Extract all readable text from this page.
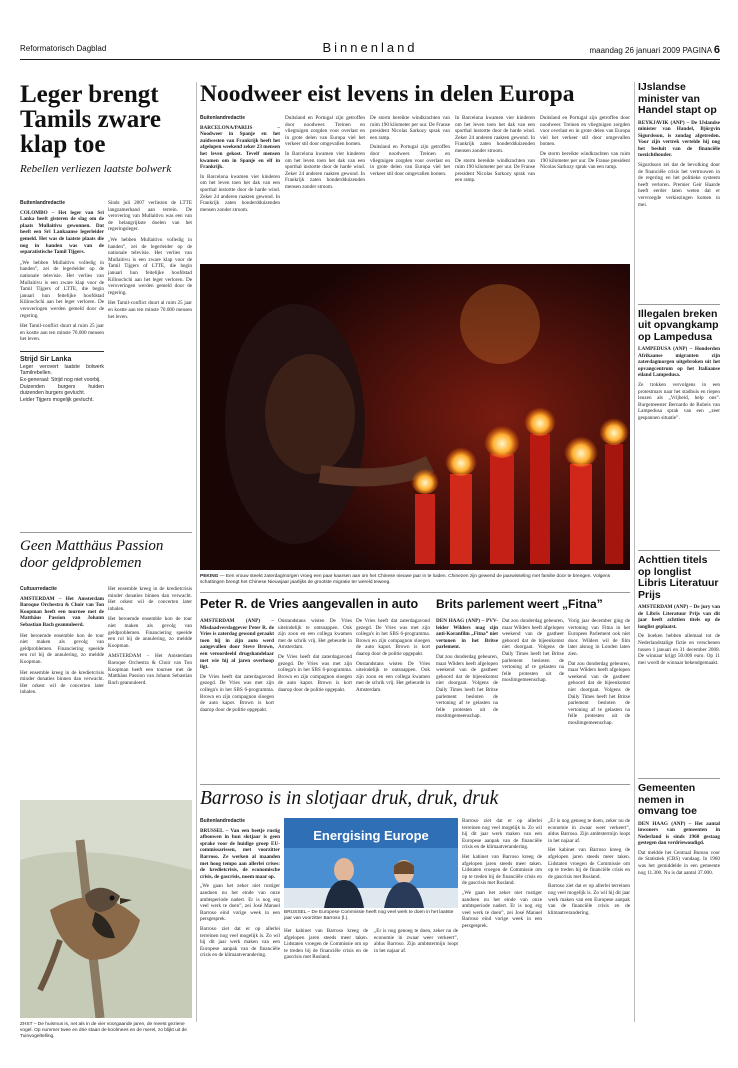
Reformatorisch Dagblad	Binnenland	maandag 26 januari 2009 PAGINA 6
Leger brengt Tamils zware klap toe
Rebellen verliezen laatste bolwerk
Buitenlandredactie
COLOMBO – Het leger van Sri Lanka heeft gisteren de slag om de plaats Mullaitivu gewonnen. Dat heeft een Sri Lankaanse legerleider gemeld. Het was de laatste plaats die nog in handen was van de separatistische Tamil Tijgers.

„We hebben Mullaitivu volledig in handen”, zei de legerleider op de nationale televisie. Het verlies van Mullaitivu is een zware klap voor de Tamil Tijgers of LTTE, die begin januari hun feitelijke hoofdstad Kilinochchi aan het leger verloren. De veroveringen werden gemeld door de regering.

Het Tamil-conflict duurt al ruim 25 jaar en kostte aan ten minste 70.000 mensen het leven.

Strijd Sir Lanka
Leger verovert laatste bolwerk Tamilrebellen.
Ex-generaal: Strijd nog niet voorbij.
Duizenden burgers huiden duizenden burgers gevlucht.
Leider Tijgers mogelijk gevlucht.

Sinds juli 2007 verliezen de LTTE langzamerhand aan terrein. De verovering van Mullaitivu was een van de belangrijkste doelen van het regeringsleger.

„We hebben Mullaitivu volledig in handen”, zei de legerleider op de nationale televisie. Het verlies van Mullaitivu is een zware klap voor de Tamil Tijgers of LTTE, die begin januari hun feitelijke hoofdstad Kilinochchi aan het leger verloren. De veroveringen werden gemeld door de regering.

Het Tamil-conflict duurt al ruim 25 jaar en kostte aan ten minste 70.000 mensen het leven.

Geen Matthäus Passion door geldproblemen
Cultuurredactie
AMSTERDAM – Het Amsterdam Baroque Orchestra & Choir van Ton Koopman heeft een tournee met de Matthäus Passion van Johann Sebastian Bach geannuleerd.

Het beroemde ensemble kon de tour niet maken als gevolg van geldproblemen. Financiering speelde een rol bij de annulering, zo meldde Koopman.

Het ensemble kreeg in de kredietcrisis minder donaties binnen dan verwacht. Het orkest wil de concerten later inhalen.

Het ensemble kreeg in de kredietcrisis minder donaties binnen dan verwacht. Het orkest wil de concerten later inhalen.

Het beroemde ensemble kon de tour niet maken als gevolg van geldproblemen. Financiering speelde een rol bij de annulering, zo meldde Koopman.

AMSTERDAM – Het Amsterdam Baroque Orchestra & Choir van Ton Koopman heeft een tournee met de Matthäus Passion van Johann Sebastian Bach geannuleerd.

ZHST – De huismus is, net als in de vier voorgaande jaren, de meest geziene vogel. Op nummer twee en drie staan de koolmees en de merel, zo blijkt uit de Tuinvogeltelling.
Noodweer eist levens in delen Europa
Buitenlandredactie
BARCELONA/PARIJS – Noodweer in Spanje en het zuidwesten van Frankrijk heeft het afgelopen weekend zeker 23 mensen het leven gekost. Tevelf mensen kwamen om in Spanje en elf in Frankrijk.

In Barcelona kwamen vier kinderen om het leven toen het dak van een sporthal instortte door de harde wind. Zeker 24 anderen raakten gewond. In Frankrijk zaten honderdduizenden mensen zonder stroom.

Duitsland en Portugal zijn getroffen door noodweer. Treinen en vliegtuigen zorgden voor overlast en in grote delen van Europa viel het verkeer stil door omgevallen bomen.

In Barcelona kwamen vier kinderen om het leven toen het dak van een sporthal instortte door de harde wind. Zeker 24 anderen raakten gewond. In Frankrijk zaten honderdduizenden mensen zonder stroom.

De storm bereikte windkrachten van ruim 190 kilometer per uur. De Franse president Nicolas Sarkozy sprak van een ramp.

Duitsland en Portugal zijn getroffen door noodweer. Treinen en vliegtuigen zorgden voor overlast en in grote delen van Europa viel het verkeer stil door omgevallen bomen.

In Barcelona kwamen vier kinderen om het leven toen het dak van een sporthal instortte door de harde wind. Zeker 24 anderen raakten gewond. In Frankrijk zaten honderdduizenden mensen zonder stroom.

De storm bereikte windkrachten van ruim 190 kilometer per uur. De Franse president Nicolas Sarkozy sprak van een ramp.

Duitsland en Portugal zijn getroffen door noodweer. Treinen en vliegtuigen zorgden voor overlast en in grote delen van Europa viel het verkeer stil door omgevallen bomen.

De storm bereikte windkrachten van ruim 190 kilometer per uur. De Franse president Nicolas Sarkozy sprak van een ramp.

PEKING — Een vrouw steekt zaterdagmorgen vroeg een paar kaarsen aan om het Chinese nieuwe jaar in te luiden. Chinezen zijn gewend de jaarwisseling met familie door te brengen. Volgens schattingen brengt het Chinese Nieuwjaar jaarlijks de grootste migratie ter wereld teweeg.
Peter R. de Vries aangevallen in auto
AMSTERDAM (ANP) – Misdaadverslaggever Peter R. de Vries is zaterdag gewond geraakt toen hij in zijn auto werd aangevallen door Steve Brown, een veroordeeld drugshandelaar met wie hij al jaren overhoop ligt.

De Vries heeft dat zaterdagavond gezegd. De Vries was met zijn collega's in het SBS 6-programma. Brown en zijn compagnon sloegen de auto kapot. Brown is kort daarop door de politie opgepakt.

Onstandstans wisten De Vries uiteindelijk te ontsnappen. Ook zijn zoon en een collega kwamen met de schrik vrij. Het gebeurde in Amsterdam.

De Vries heeft dat zaterdagavond gezegd. De Vries was met zijn collega's in het SBS 6-programma. Brown en zijn compagnon sloegen de auto kapot. Brown is kort daarop door de politie opgepakt.

De Vries heeft dat zaterdagavond gezegd. De Vries was met zijn collega's in het SBS 6-programma. Brown en zijn compagnon sloegen de auto kapot. Brown is kort daarop door de politie opgepakt.

Onstandstans wisten De Vries uiteindelijk te ontsnappen. Ook zijn zoon en een collega kwamen met de schrik vrij. Het gebeurde in Amsterdam.

Brits parlement weert „Fitna”
DEN HAAG (ANP) – PVV-leider Wilders mag zijn anti-Koranfilm „Fitna” niet vertonen in het Britse parlement.

Dat zou donderdag gebeuren, maar Wilders heeft afgelopen weekend van de gastheer gehoord dat de bijeenkomst niet doorgaat. Volgens de Daily Times heeft het Britse parlement besloten de vertoning af te gelasten na felle protesten uit de moslimgemeenschap.

Dat zou donderdag gebeuren, maar Wilders heeft afgelopen weekend van de gastheer gehoord dat de bijeenkomst niet doorgaat. Volgens de Daily Times heeft het Britse parlement besloten de vertoning af te gelasten na felle protesten uit de moslimgemeenschap.

Vorig jaar december ging de vertoning van Fitna in het Europees Parlement ook niet door. Wilders wil de film later alsnog in Londen laten zien.

Dat zou donderdag gebeuren, maar Wilders heeft afgelopen weekend van de gastheer gehoord dat de bijeenkomst niet doorgaat. Volgens de Daily Times heeft het Britse parlement besloten de vertoning af te gelasten na felle protesten uit de moslimgemeenschap.

Barroso is in slotjaar druk, druk, druk
Buitenlandredactie
BRUSSEL – Van een beetje rustig afbouwen in hun slotjaar is geen sprake voor de huidige groep EU-commissarissen, met voorzitter Barroso. Ze werken al maanden met hoog tempo aan allerlei crises: de kredietcrisis, de economische crisis, de gascrisis, noem maar op.

„We gaan het zeker niet rustiger aandoen nu het einde van onze ambtsperiode nadert. Er is nog erg veel werk te doen”, zei José Manuel Barroso eind vorige week in een persgesprek.

Barroso ziet dat er op allerlei terreinen nog veel mogelijk is. Zo wil hij dit jaar werk maken van een Europese aanpak van de financiële crisis en de klimaatverandering.

Energising Europe
BRUSSEL – De Europese Commissie heeft nog veel werk te doen in het laatste jaar van voorzitter Barroso (l.).

Het kabinet van Barroso kreeg de afgelopen jaren steeds meer taken. Lidstaten vroegen de Commissie om op te treden bij de financiële crisis en de gascrisis met Rusland.

„Er is nog genoeg te doen, zeker nu de economie in zwaar weer verkeert”, aldus Barroso. Zijn ambtstermijn loopt in het najaar af.

Barroso ziet dat er op allerlei terreinen nog veel mogelijk is. Zo wil hij dit jaar werk maken van een Europese aanpak van de financiële crisis en de klimaatverandering.

Het kabinet van Barroso kreeg de afgelopen jaren steeds meer taken. Lidstaten vroegen de Commissie om op te treden bij de financiële crisis en de gascrisis met Rusland.

„We gaan het zeker niet rustiger aandoen nu het einde van onze ambtsperiode nadert. Er is nog erg veel werk te doen”, zei José Manuel Barroso eind vorige week in een persgesprek.

„Er is nog genoeg te doen, zeker nu de economie in zwaar weer verkeert”, aldus Barroso. Zijn ambtstermijn loopt in het najaar af.

Het kabinet van Barroso kreeg de afgelopen jaren steeds meer taken. Lidstaten vroegen de Commissie om op te treden bij de financiële crisis en de gascrisis met Rusland.

Barroso ziet dat er op allerlei terreinen nog veel mogelijk is. Zo wil hij dit jaar werk maken van een Europese aanpak van de financiële crisis en de klimaatverandering.

IJslandse minister van Handel stapt op
REYKJAVIK (ANP) – De IJslandse minister van Handel, Björgvin Sigurdsson, is zondag afgetreden. Voor zijn vertrek vertelde hij nog het besluit van de financiële toezichthouder.

Sigurdsson zei dat de bevolking door de financiële crisis het vertrouwen in de regering en het politieke systeem heeft verloren. Premier Geir Haarde heeft eerder laten weten dat er vervroegde verkiezingen komen in mei.

Illegalen breken uit opvangkamp op Lampedusa
LAMPEDUSA (ANP) – Honderden Afrikaanse migranten zijn zaterdagmorgen uitgebroken uit het opvangcentrum op het Italiaanse eiland Lampedusa.

Ze trokken vervolgens in een protestmars naar het stadhuis en riepen leuzen als „Vrijheid, help ons”. Burgemeester Bernardo de Rubeis van Lampedusa sprak van een „zeer gespannen situatie”.

Achttien titels op longlist Libris Literatuur Prijs
AMSTERDAM (ANP) – De jury van de Libris Literatuur Prijs van dit jaar heeft achttien titels op de longlist geplaatst.

De boeken hebben allemaal tot de Nederlandstalige fictie en verschenen tussen 1 januari en 31 december 2008. De winnaar krijgt 50.000 euro. Op 11 mei wordt de winnaar bekendgemaakt.

Gemeenten nemen in omvang toe
DEN HAAG (ANP) – Het aantal inwoners van gemeenten in Nederland is sinds 1960 gestaag gestegen dan verdriewoudigd.

Dat meldde het Centraal Bureau voor de Statistiek (CBS) vandaag. In 1960 was het gemiddelde in een gemeente nog 11.300. Nu is dat aantal 37.000.
